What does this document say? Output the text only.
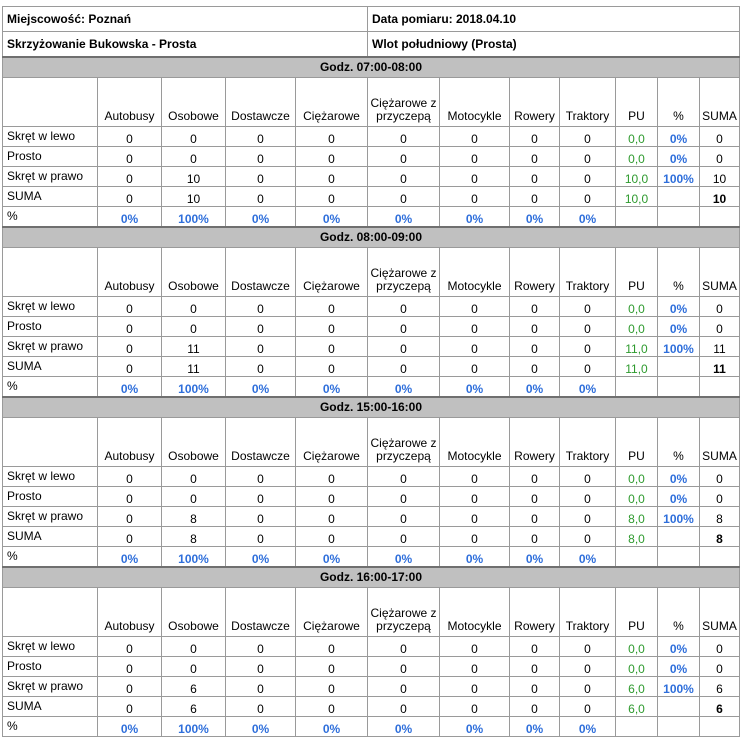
Miejscowość: Poznań					Data pomiaru: 2018.04.10						
Skrzyżowanie Bukowska - Prosta					Wlot południowy (Prosta)						
Godz. 07:00-08:00											
	Autobusy	Osobowe	Dostawcze	Ciężarowe	Ciężarowe z przyczepą	Motocykle	Rowery	Traktory	PU	%	SUMA
Skręt w lewo	0	0	0	0	0	0	0	0	0,0	0%	0
Prosto	0	0	0	0	0	0	0	0	0,0	0%	0
Skręt w prawo	0	10	0	0	0	0	0	0	10,0	100%	10
SUMA	0	10	0	0	0	0	0	0	10,0		10
%	0%	100%	0%	0%	0%	0%	0%	0%			
Godz. 08:00-09:00											
	Autobusy	Osobowe	Dostawcze	Ciężarowe	Ciężarowe z przyczepą	Motocykle	Rowery	Traktory	PU	%	SUMA
Skręt w lewo	0	0	0	0	0	0	0	0	0,0	0%	0
Prosto	0	0	0	0	0	0	0	0	0,0	0%	0
Skręt w prawo	0	11	0	0	0	0	0	0	11,0	100%	11
SUMA	0	11	0	0	0	0	0	0	11,0		11
%	0%	100%	0%	0%	0%	0%	0%	0%			
Godz. 15:00-16:00											
	Autobusy	Osobowe	Dostawcze	Ciężarowe	Ciężarowe z przyczepą	Motocykle	Rowery	Traktory	PU	%	SUMA
Skręt w lewo	0	0	0	0	0	0	0	0	0,0	0%	0
Prosto	0	0	0	0	0	0	0	0	0,0	0%	0
Skręt w prawo	0	8	0	0	0	0	0	0	8,0	100%	8
SUMA	0	8	0	0	0	0	0	0	8,0		8
%	0%	100%	0%	0%	0%	0%	0%	0%			
Godz. 16:00-17:00											
	Autobusy	Osobowe	Dostawcze	Ciężarowe	Ciężarowe z przyczepą	Motocykle	Rowery	Traktory	PU	%	SUMA
Skręt w lewo	0	0	0	0	0	0	0	0	0,0	0%	0
Prosto	0	0	0	0	0	0	0	0	0,0	0%	0
Skręt w prawo	0	6	0	0	0	0	0	0	6,0	100%	6
SUMA	0	6	0	0	0	0	0	0	6,0		6
%	0%	100%	0%	0%	0%	0%	0%	0%			
